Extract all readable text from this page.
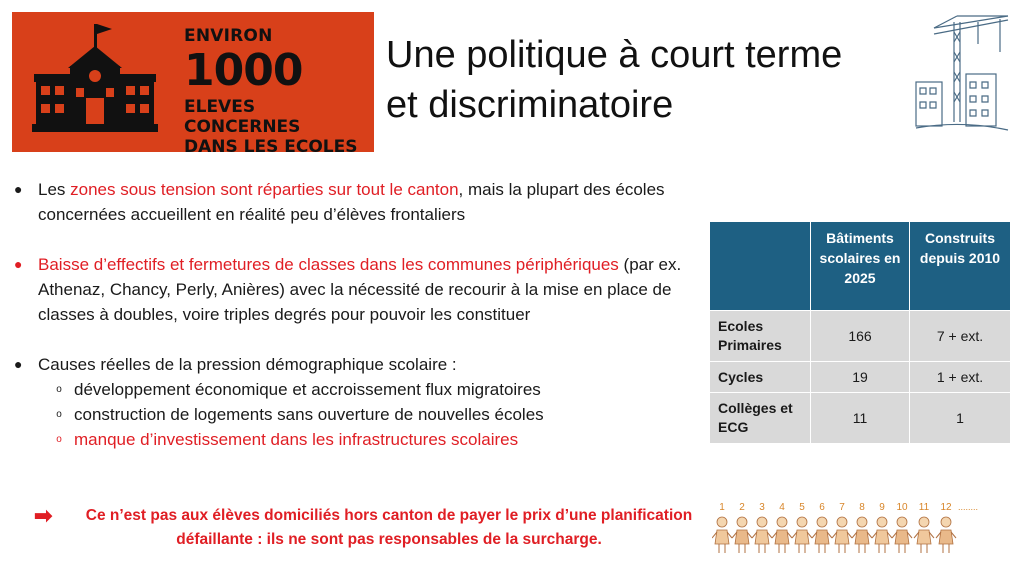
ENVIRON
1000
ELEVES CONCERNES
DANS LES ECOLES
Une politique à court terme
et discriminatoire
● Les zones sous tension sont réparties sur tout le canton, mais la plupart des écoles concernées accueillent en réalité peu d’élèves frontaliers
● Baisse d’effectifs et fermetures de classes dans les communes périphériques (par ex. Athenaz, Chancy, Perly, Anières) avec la nécessité de recourir à la mise en place de classes à doubles, voire triples degrés pour pouvoir les constituer
● Causes réelles de la pression démographique scolaire :
o développement économique et accroissement flux migratoires
o construction de logements sans ouverture de nouvelles écoles
o manque d’investissement dans les infrastructures scolaires
➡	Ce n’est pas aux élèves domiciliés hors canton de payer le prix d’une planification défaillante : ils ne sont pas responsables de la surcharge.
	Bâtiments scolaires en 2025	Construits depuis 2010
Ecoles Primaires	166	7 + ext.
Cycles	19	1 + ext.
Collèges et ECG	11	1
1 2 3 4 5 6 7 8 9 10 11 12 ........
